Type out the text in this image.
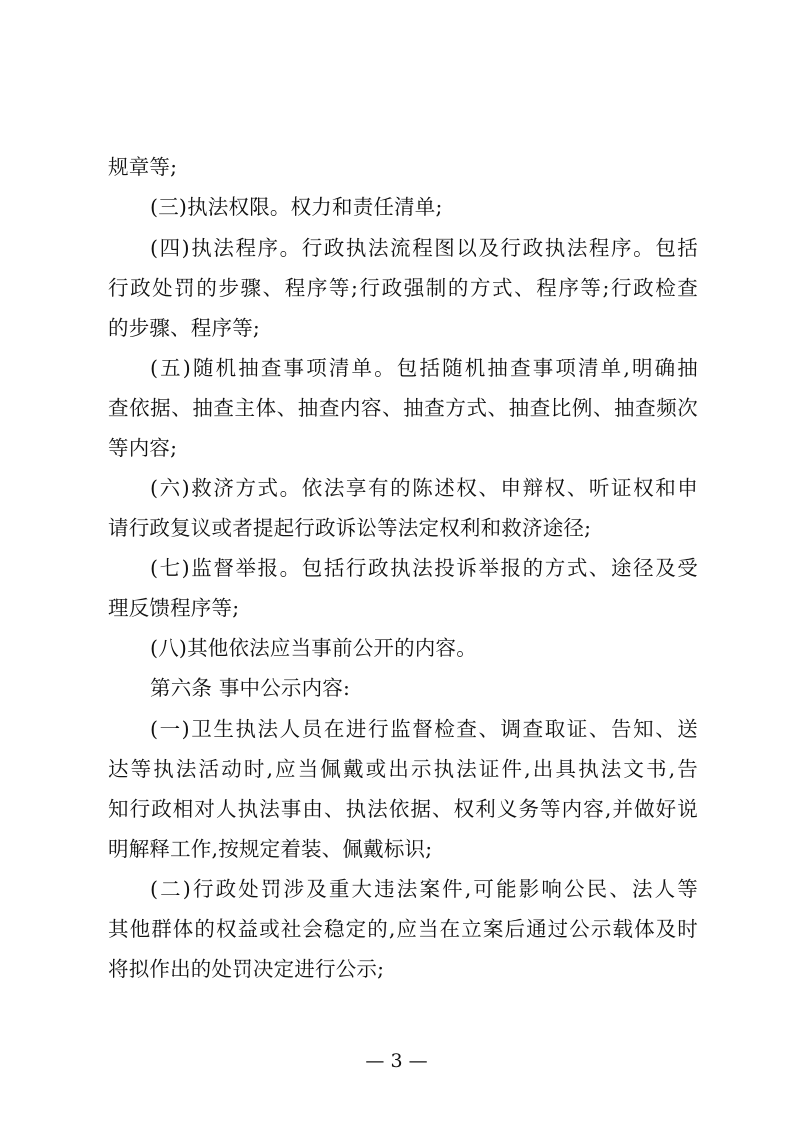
规章等;
(三)执法权限。权力和责任清单;
(四)执法程序。行政执法流程图以及行政执法程序。包括
行政处罚的步骤、程序等;行政强制的方式、程序等;行政检查
的步骤、程序等;
(五)随机抽查事项清单。包括随机抽查事项清单,明确抽
查依据、抽查主体、抽查内容、抽查方式、抽查比例、抽查频次
等内容;
(六)救济方式。依法享有的陈述权、申辩权、听证权和申
请行政复议或者提起行政诉讼等法定权利和救济途径;
(七)监督举报。包括行政执法投诉举报的方式、途径及受
理反馈程序等;
(八)其他依法应当事前公开的内容。
第六条 事中公示内容:
(一)卫生执法人员在进行监督检查、调查取证、告知、送
达等执法活动时,应当佩戴或出示执法证件,出具执法文书,告
知行政相对人执法事由、执法依据、权利义务等内容,并做好说
明解释工作,按规定着装、佩戴标识;
(二)行政处罚涉及重大违法案件,可能影响公民、法人等
其他群体的权益或社会稳定的,应当在立案后通过公示载体及时
将拟作出的处罚决定进行公示;
— 3 —
